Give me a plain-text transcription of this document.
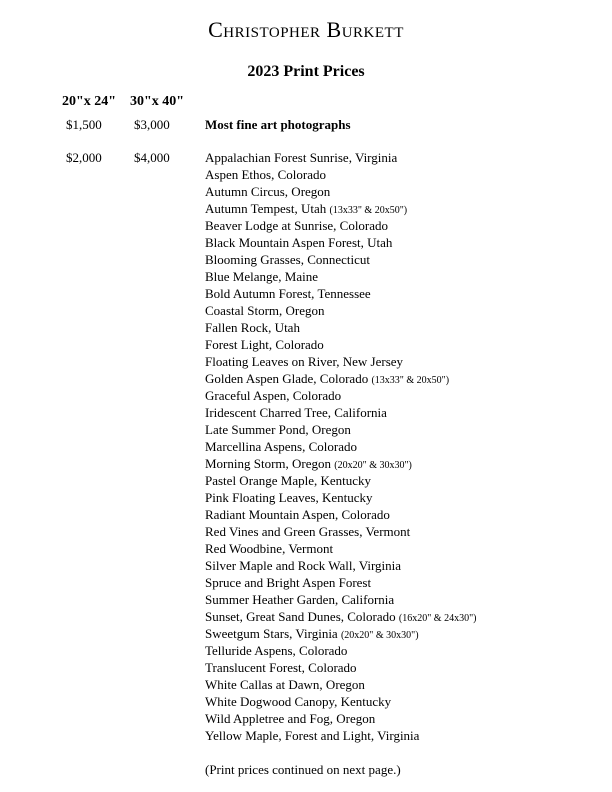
Christopher Burkett
2023 Print Prices
20"x 24" 30"x 40"
$1,500 $3,000	Most fine art photographs
$2,000 $4,000	Appalachian Forest Sunrise, Virginia
Aspen Ethos, Colorado
Autumn Circus, Oregon
Autumn Tempest, Utah (13x33" & 20x50")
Beaver Lodge at Sunrise, Colorado
Black Mountain Aspen Forest, Utah
Blooming Grasses, Connecticut
Blue Melange, Maine
Bold Autumn Forest, Tennessee
Coastal Storm, Oregon
Fallen Rock, Utah
Forest Light, Colorado
Floating Leaves on River, New Jersey
Golden Aspen Glade, Colorado (13x33" & 20x50")
Graceful Aspen, Colorado
Iridescent Charred Tree, California
Late Summer Pond, Oregon
Marcellina Aspens, Colorado
Morning Storm, Oregon (20x20" & 30x30")
Pastel Orange Maple, Kentucky
Pink Floating Leaves, Kentucky
Radiant Mountain Aspen, Colorado
Red Vines and Green Grasses, Vermont
Red Woodbine, Vermont
Silver Maple and Rock Wall, Virginia
Spruce and Bright Aspen Forest
Summer Heather Garden, California
Sunset, Great Sand Dunes, Colorado (16x20" & 24x30")
Sweetgum Stars, Virginia (20x20" & 30x30")
Telluride Aspens, Colorado
Translucent Forest, Colorado
White Callas at Dawn, Oregon
White Dogwood Canopy, Kentucky
Wild Appletree and Fog, Oregon
Yellow Maple, Forest and Light, Virginia
(Print prices continued on next page.)
